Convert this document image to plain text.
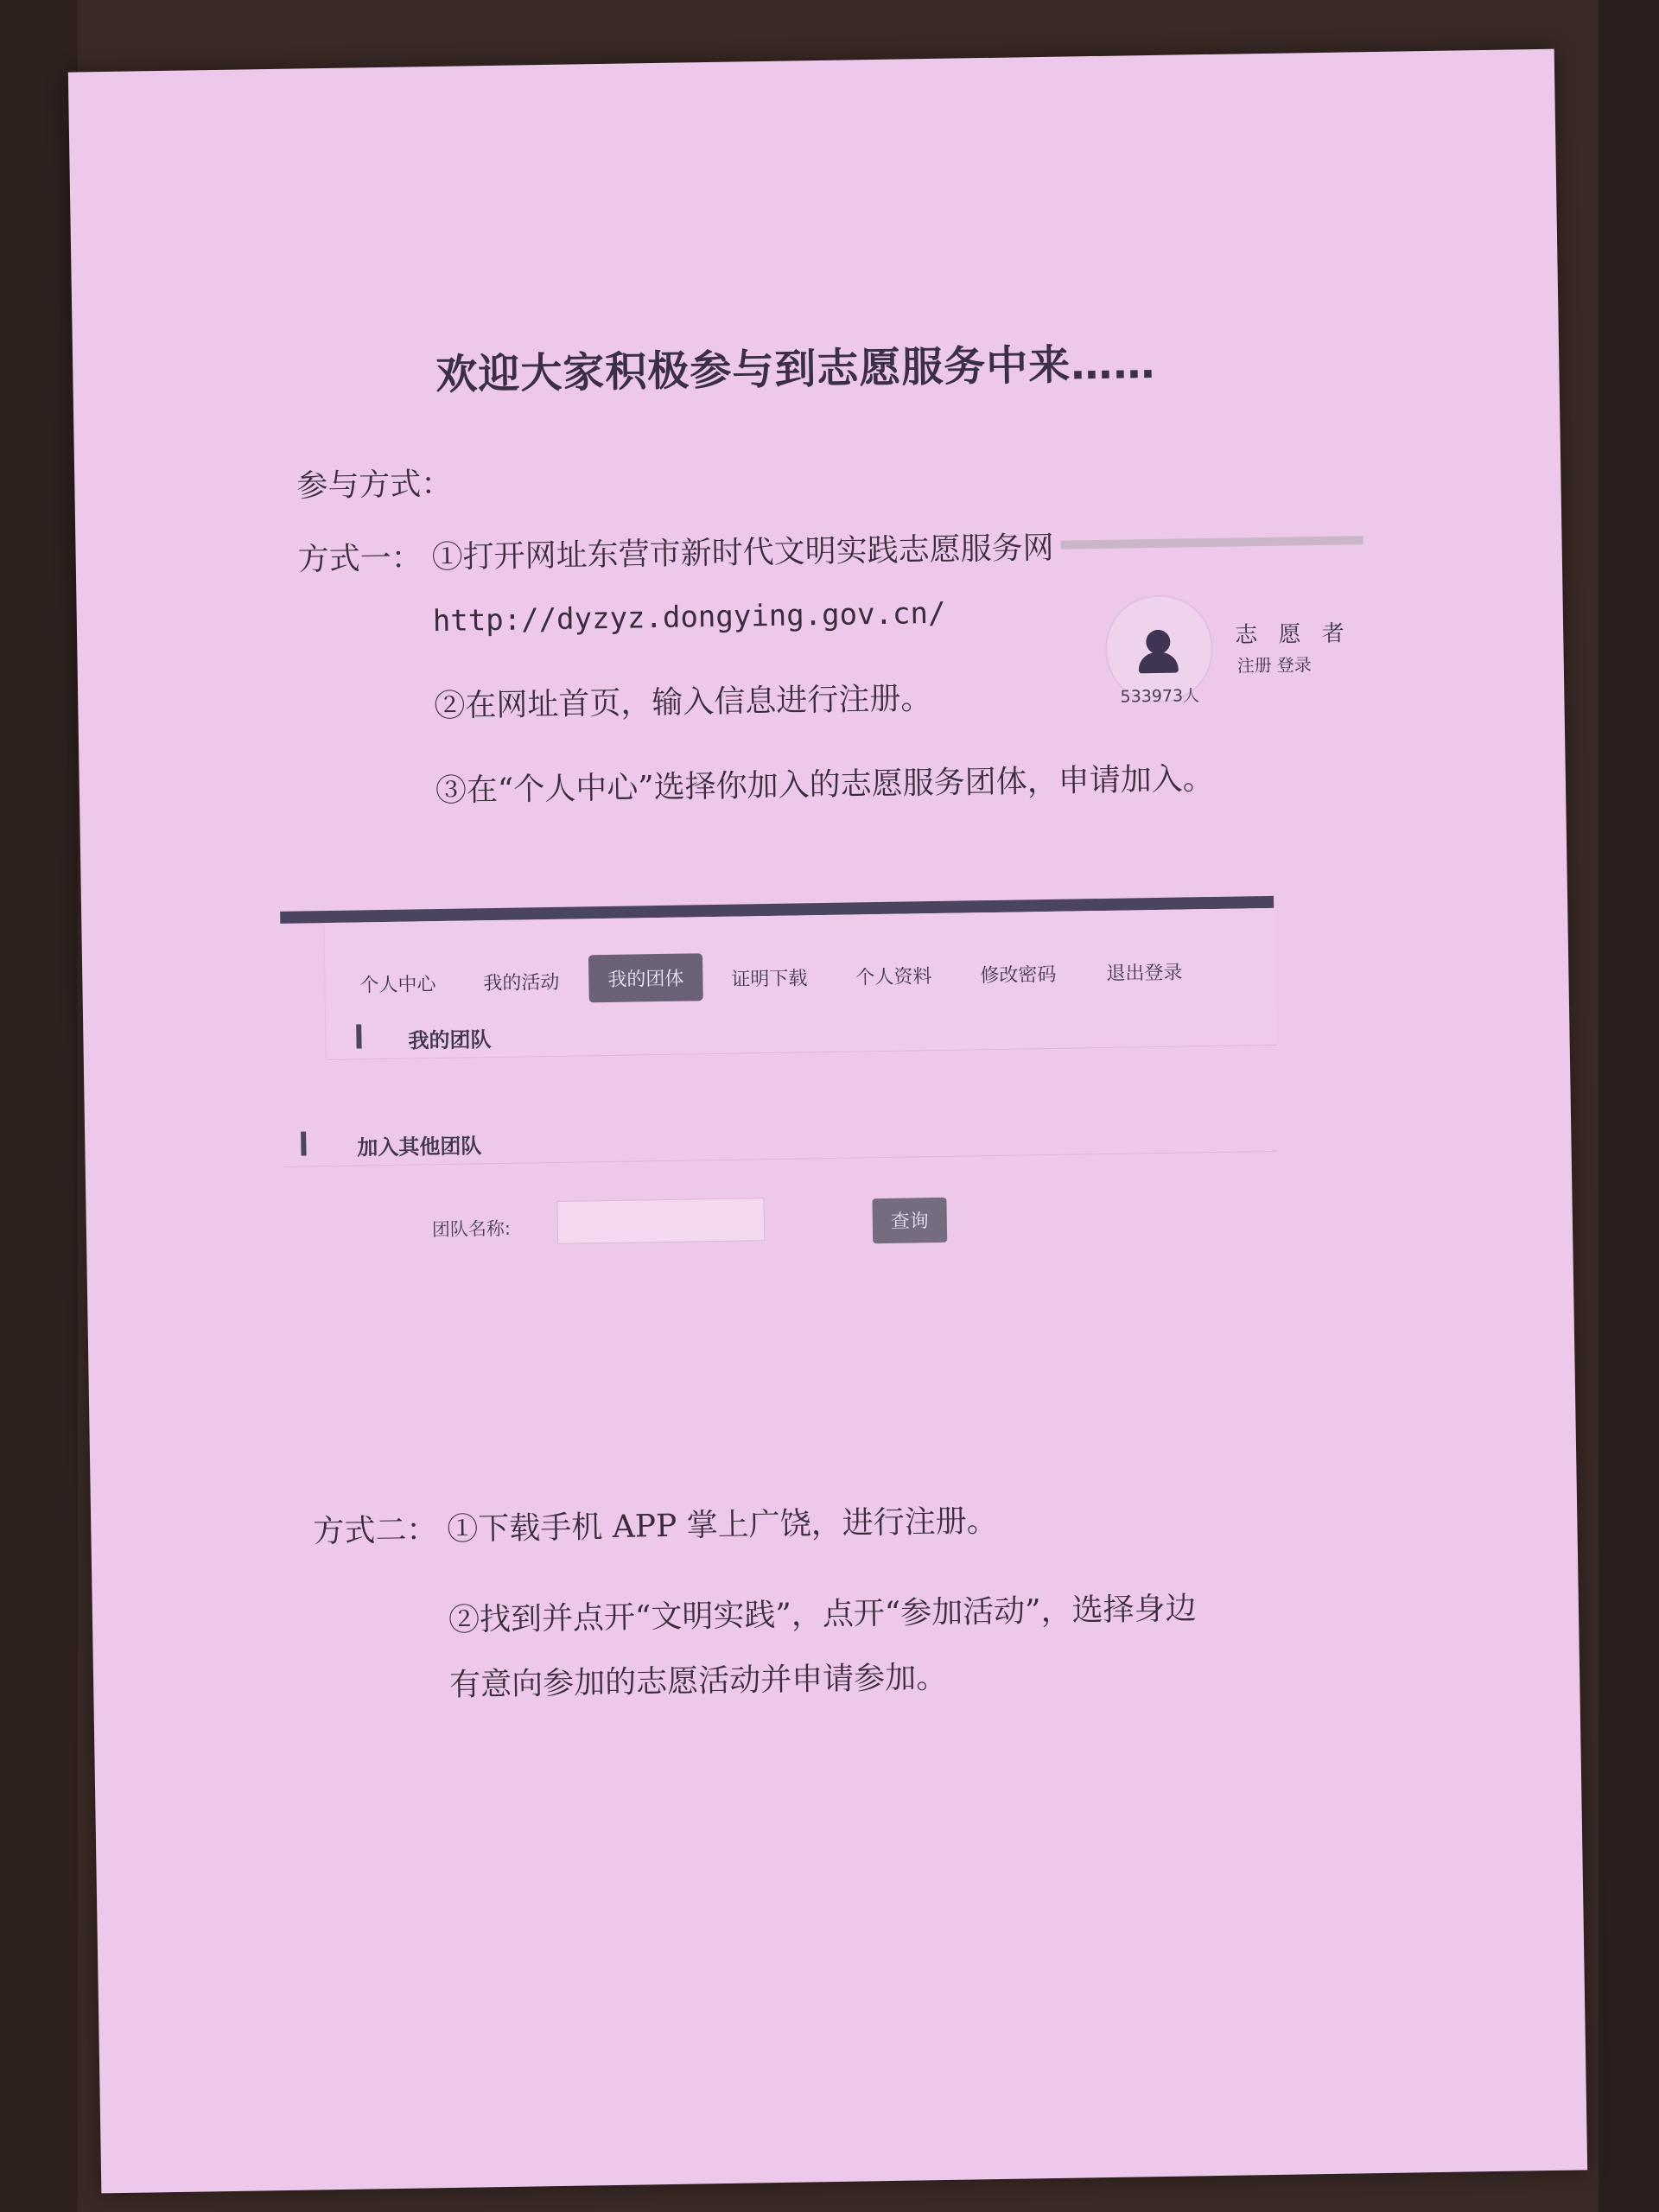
欢迎大家积极参与到志愿服务中来……
参与方式：
方式一： ①打开网址东营市新时代文明实践志愿服务网
http://dyzyz.dongying.gov.cn/
②在网址首页，输入信息进行注册。
③在“个人中心”选择你加入的志愿服务团体，申请加入。
533973人
志 愿 者
注册 登录
个人中心 我的活动	我的团体	证明下载	个人资料	修改密码	退出登录
我的团队
加入其他团队
团队名称:	查询
方式二： ①下载手机 APP 掌上广饶，进行注册。
②找到并点开“文明实践”，点开“参加活动”，选择身边
有意向参加的志愿活动并申请参加。
